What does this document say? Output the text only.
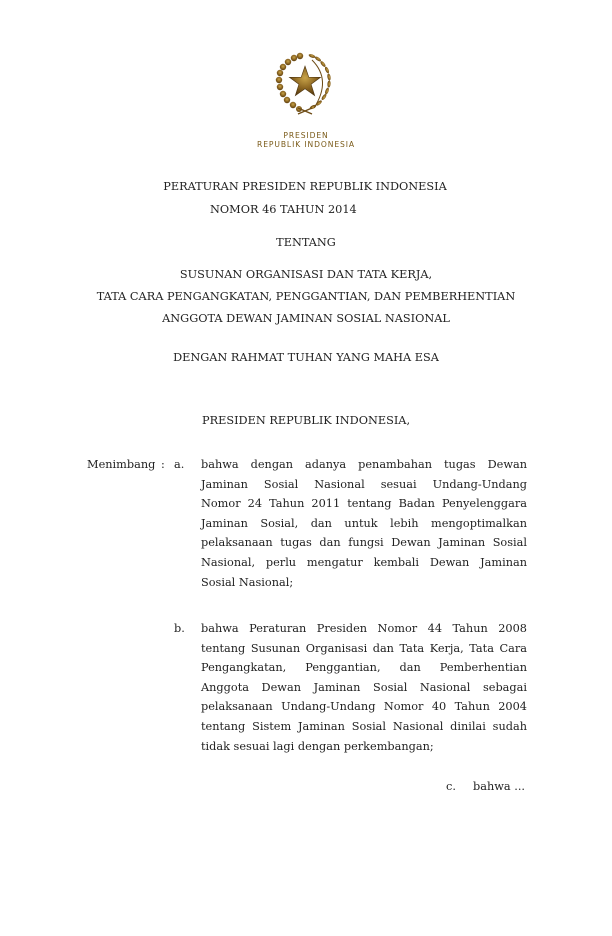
PRESIDEN
REPUBLIK INDONESIA
PERATURAN PRESIDEN REPUBLIK INDONESIA
NOMOR 46 TAHUN 2014
TENTANG
SUSUNAN ORGANISASI DAN TATA KERJA,
TATA CARA PENGANGKATAN, PENGGANTIAN, DAN PEMBERHENTIAN
ANGGOTA DEWAN JAMINAN SOSIAL NASIONAL
DENGAN RAHMAT TUHAN YANG MAHA ESA
PRESIDEN REPUBLIK INDONESIA,
Menimbang : a. bahwa dengan adanya penambahan tugas Dewan
Jaminan Sosial Nasional sesuai Undang-Undang
Nomor 24 Tahun 2011 tentang Badan Penyelenggara
Jaminan Sosial, dan untuk lebih mengoptimalkan
pelaksanaan tugas dan fungsi Dewan Jaminan Sosial
Nasional, perlu mengatur kembali Dewan Jaminan
Sosial Nasional;
b. bahwa Peraturan Presiden Nomor 44 Tahun 2008
tentang Susunan Organisasi dan Tata Kerja, Tata Cara
Pengangkatan, Penggantian, dan Pemberhentian
Anggota Dewan Jaminan Sosial Nasional sebagai
pelaksanaan Undang-Undang Nomor 40 Tahun 2004
tentang Sistem Jaminan Sosial Nasional dinilai sudah
tidak sesuai lagi dengan perkembangan;
c. bahwa ...
